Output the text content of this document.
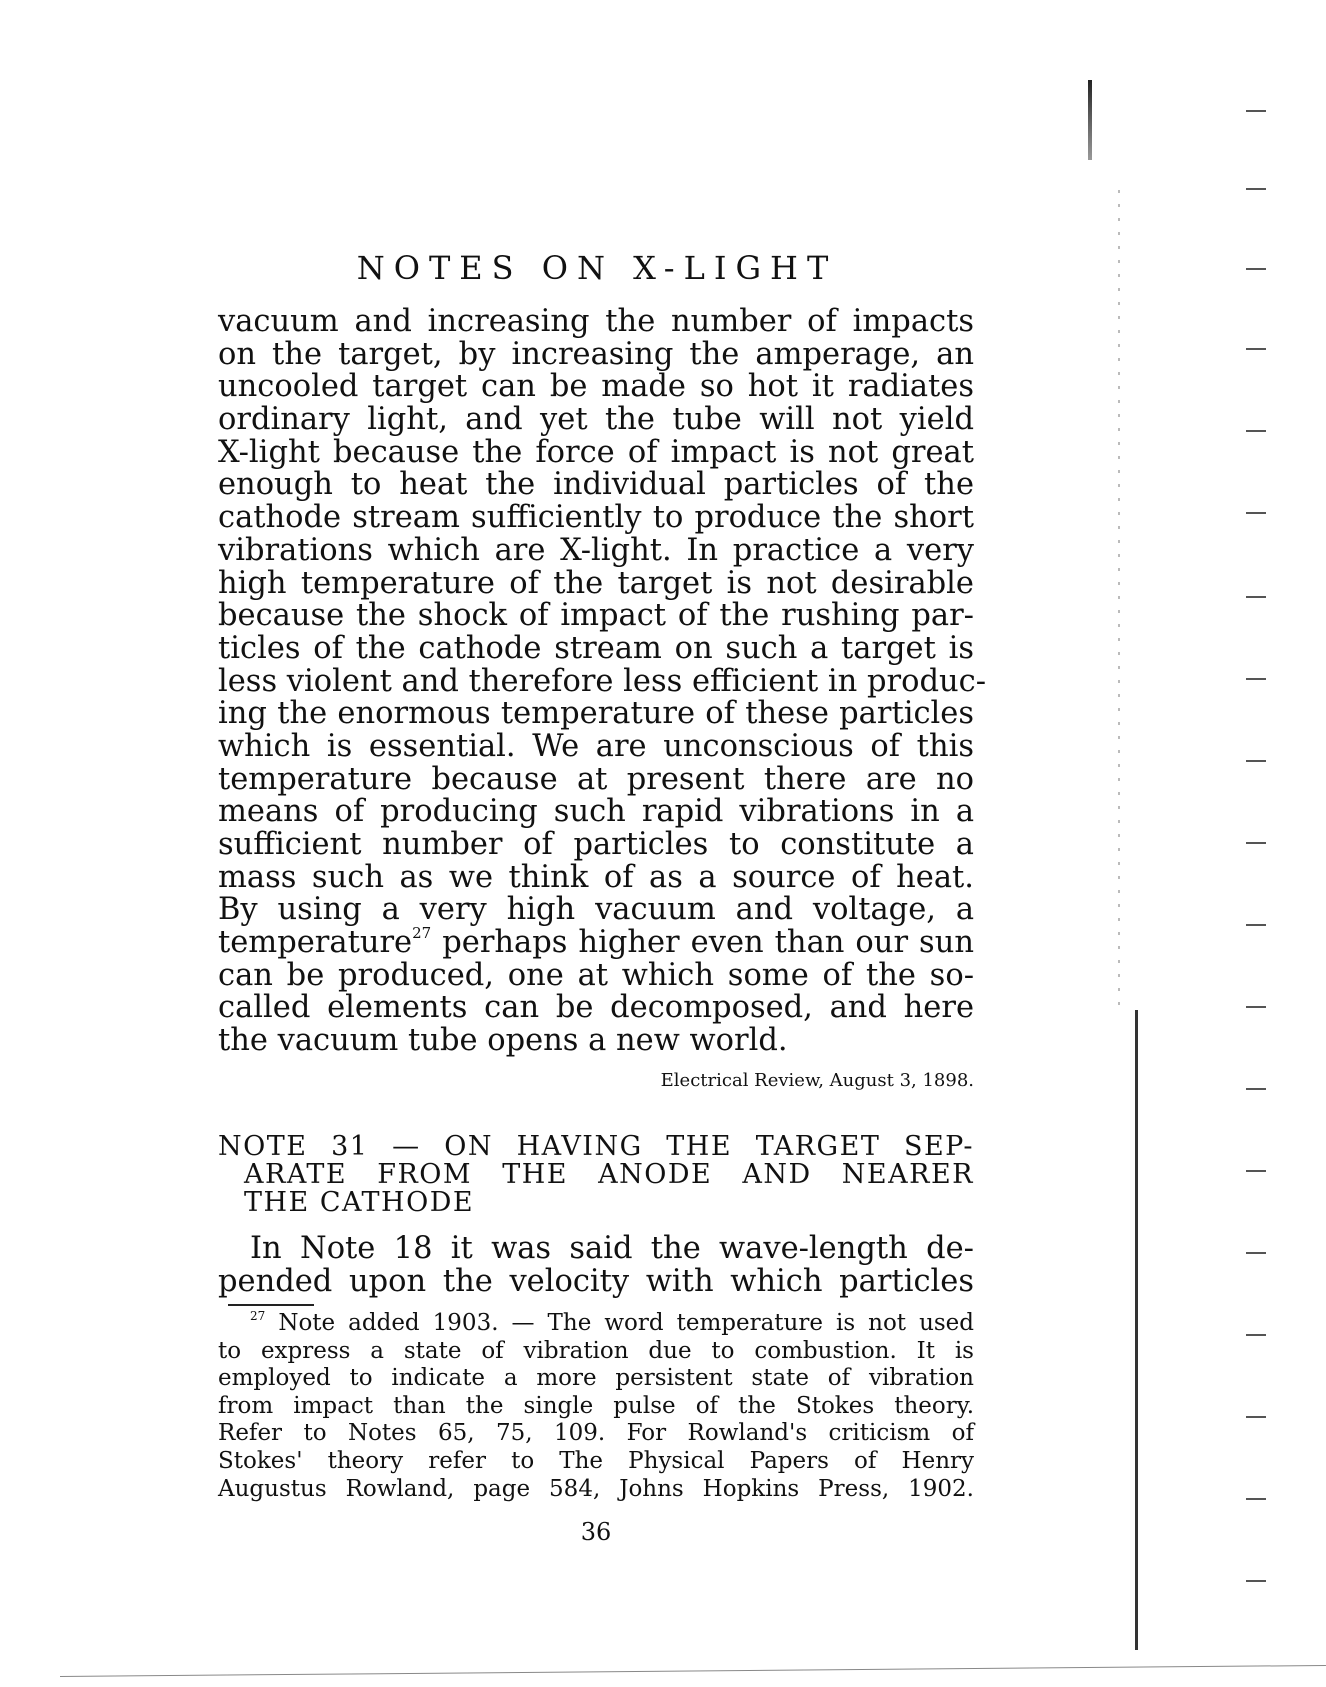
NOTES ON X-LIGHT
vacuum and increasing the number of impacts
on the target, by increasing the amperage, an
uncooled target can be made so hot it radiates
ordinary light, and yet the tube will not yield
X-light because the force of impact is not great
enough to heat the individual particles of the
cathode stream sufficiently to produce the short
vibrations which are X-light. In practice a very
high temperature of the target is not desirable
because the shock of impact of the rushing par-
ticles of the cathode stream on such a target is
less violent and therefore less efficient in produc-
ing the enormous temperature of these particles
which is essential. We are unconscious of this
temperature because at present there are no
means of producing such rapid vibrations in a
sufficient number of particles to constitute a
mass such as we think of as a source of heat.
By using a very high vacuum and voltage, a
temperature$^{27}$ perhaps higher even than our sun
can be produced, one at which some of the so-
called elements can be decomposed, and here
the vacuum tube opens a new world.
Electrical Review, August 3, 1898.
NOTE 31 — ON HAVING THE TARGET SEP-
ARATE FROM THE ANODE AND NEARER
THE CATHODE
In Note 18 it was said the wave-length de-
pended upon the velocity with which particles
$^{27}$ Note added 1903. — The word temperature is not used
to express a state of vibration due to combustion. It is
employed to indicate a more persistent state of vibration
from impact than the single pulse of the Stokes theory.
Refer to Notes 65, 75, 109. For Rowland's criticism of
Stokes' theory refer to The Physical Papers of Henry
Augustus Rowland, page 584, Johns Hopkins Press, 1902.
36
